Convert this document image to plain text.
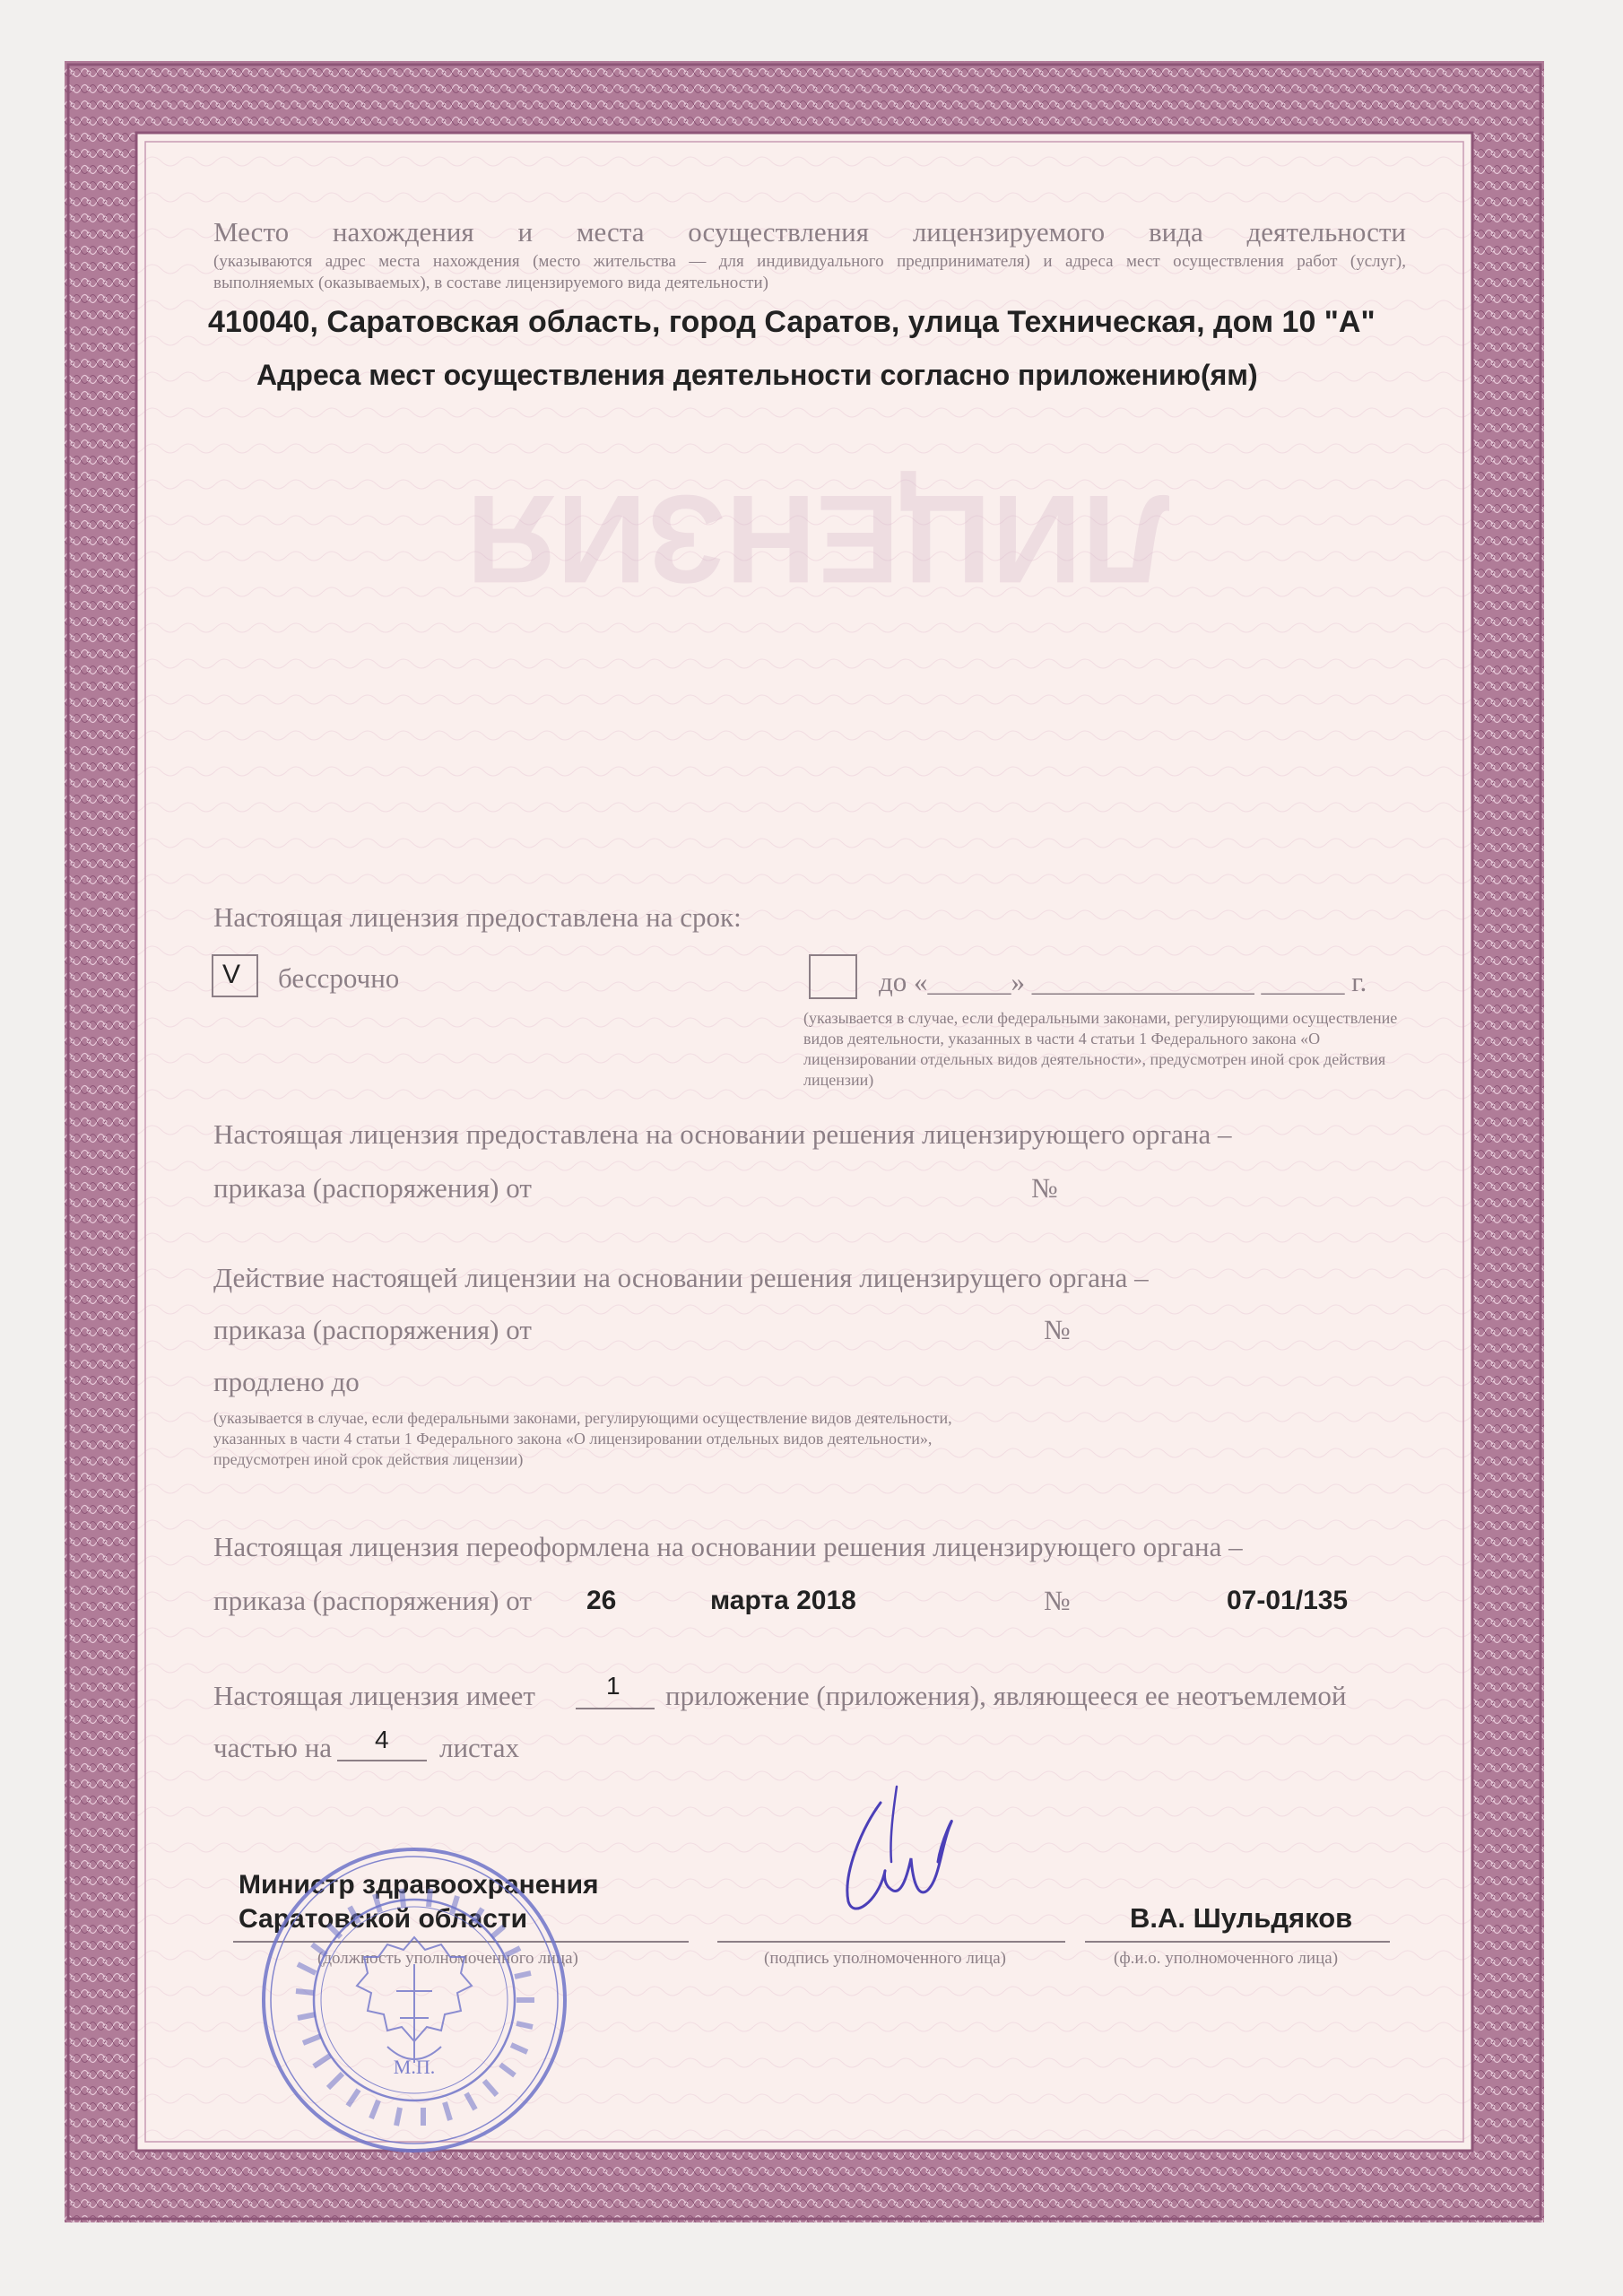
ЛИЦЕНЗИЯ
Место нахождения и места осуществления лицензируемого вида деятельности
(указываются адрес места нахождения (место жительства — для индивидуального предпринимателя) и адреса мест осуществления работ (услуг),
выполняемых (оказываемых), в составе лицензируемого вида деятельности)
410040, Саратовская область, город Саратов, улица Техническая, дом 10 "А"
Адреса мест осуществления деятельности согласно приложению(ям)
Настоящая лицензия предоставлена на срок:
V бессрочно	до «______» ________________ ______ г.
(указывается в случае, если федеральными законами, регулирующими осуществление видов деятельности, указанных в части 4 статьи 1 Федерального закона «О лицензировании отдельных видов деятельности», предусмотрен иной срок действия лицензии)
Настоящая лицензия предоставлена на основании решения лицензирующего органа –
приказа (распоряжения) от	№
Действие настоящей лицензии на основании решения лицензирущего органа –
приказа (распоряжения) от	№
продлено до
(указывается в случае, если федеральными законами, регулирующими осуществление видов деятельности, указанных в части 4 статьи 1 Федерального закона «О лицензировании отдельных видов деятельности», предусмотрен иной срок действия лицензии)
Настоящая лицензия переоформлена на основании решения лицензирующего органа –
приказа (распоряжения) от 26	марта 2018	№	07-01/135
Настоящая лицензия имеет	1 приложение (приложения), являющееся ее неотъемлемой
частью на 4 листах
Министр здравоохранения
Саратовской области
(должность уполномоченного лица)	(подпись уполномоченного лица)
В.А. Шульдяков
(ф.и.о. уполномоченного лица)
М.П.
